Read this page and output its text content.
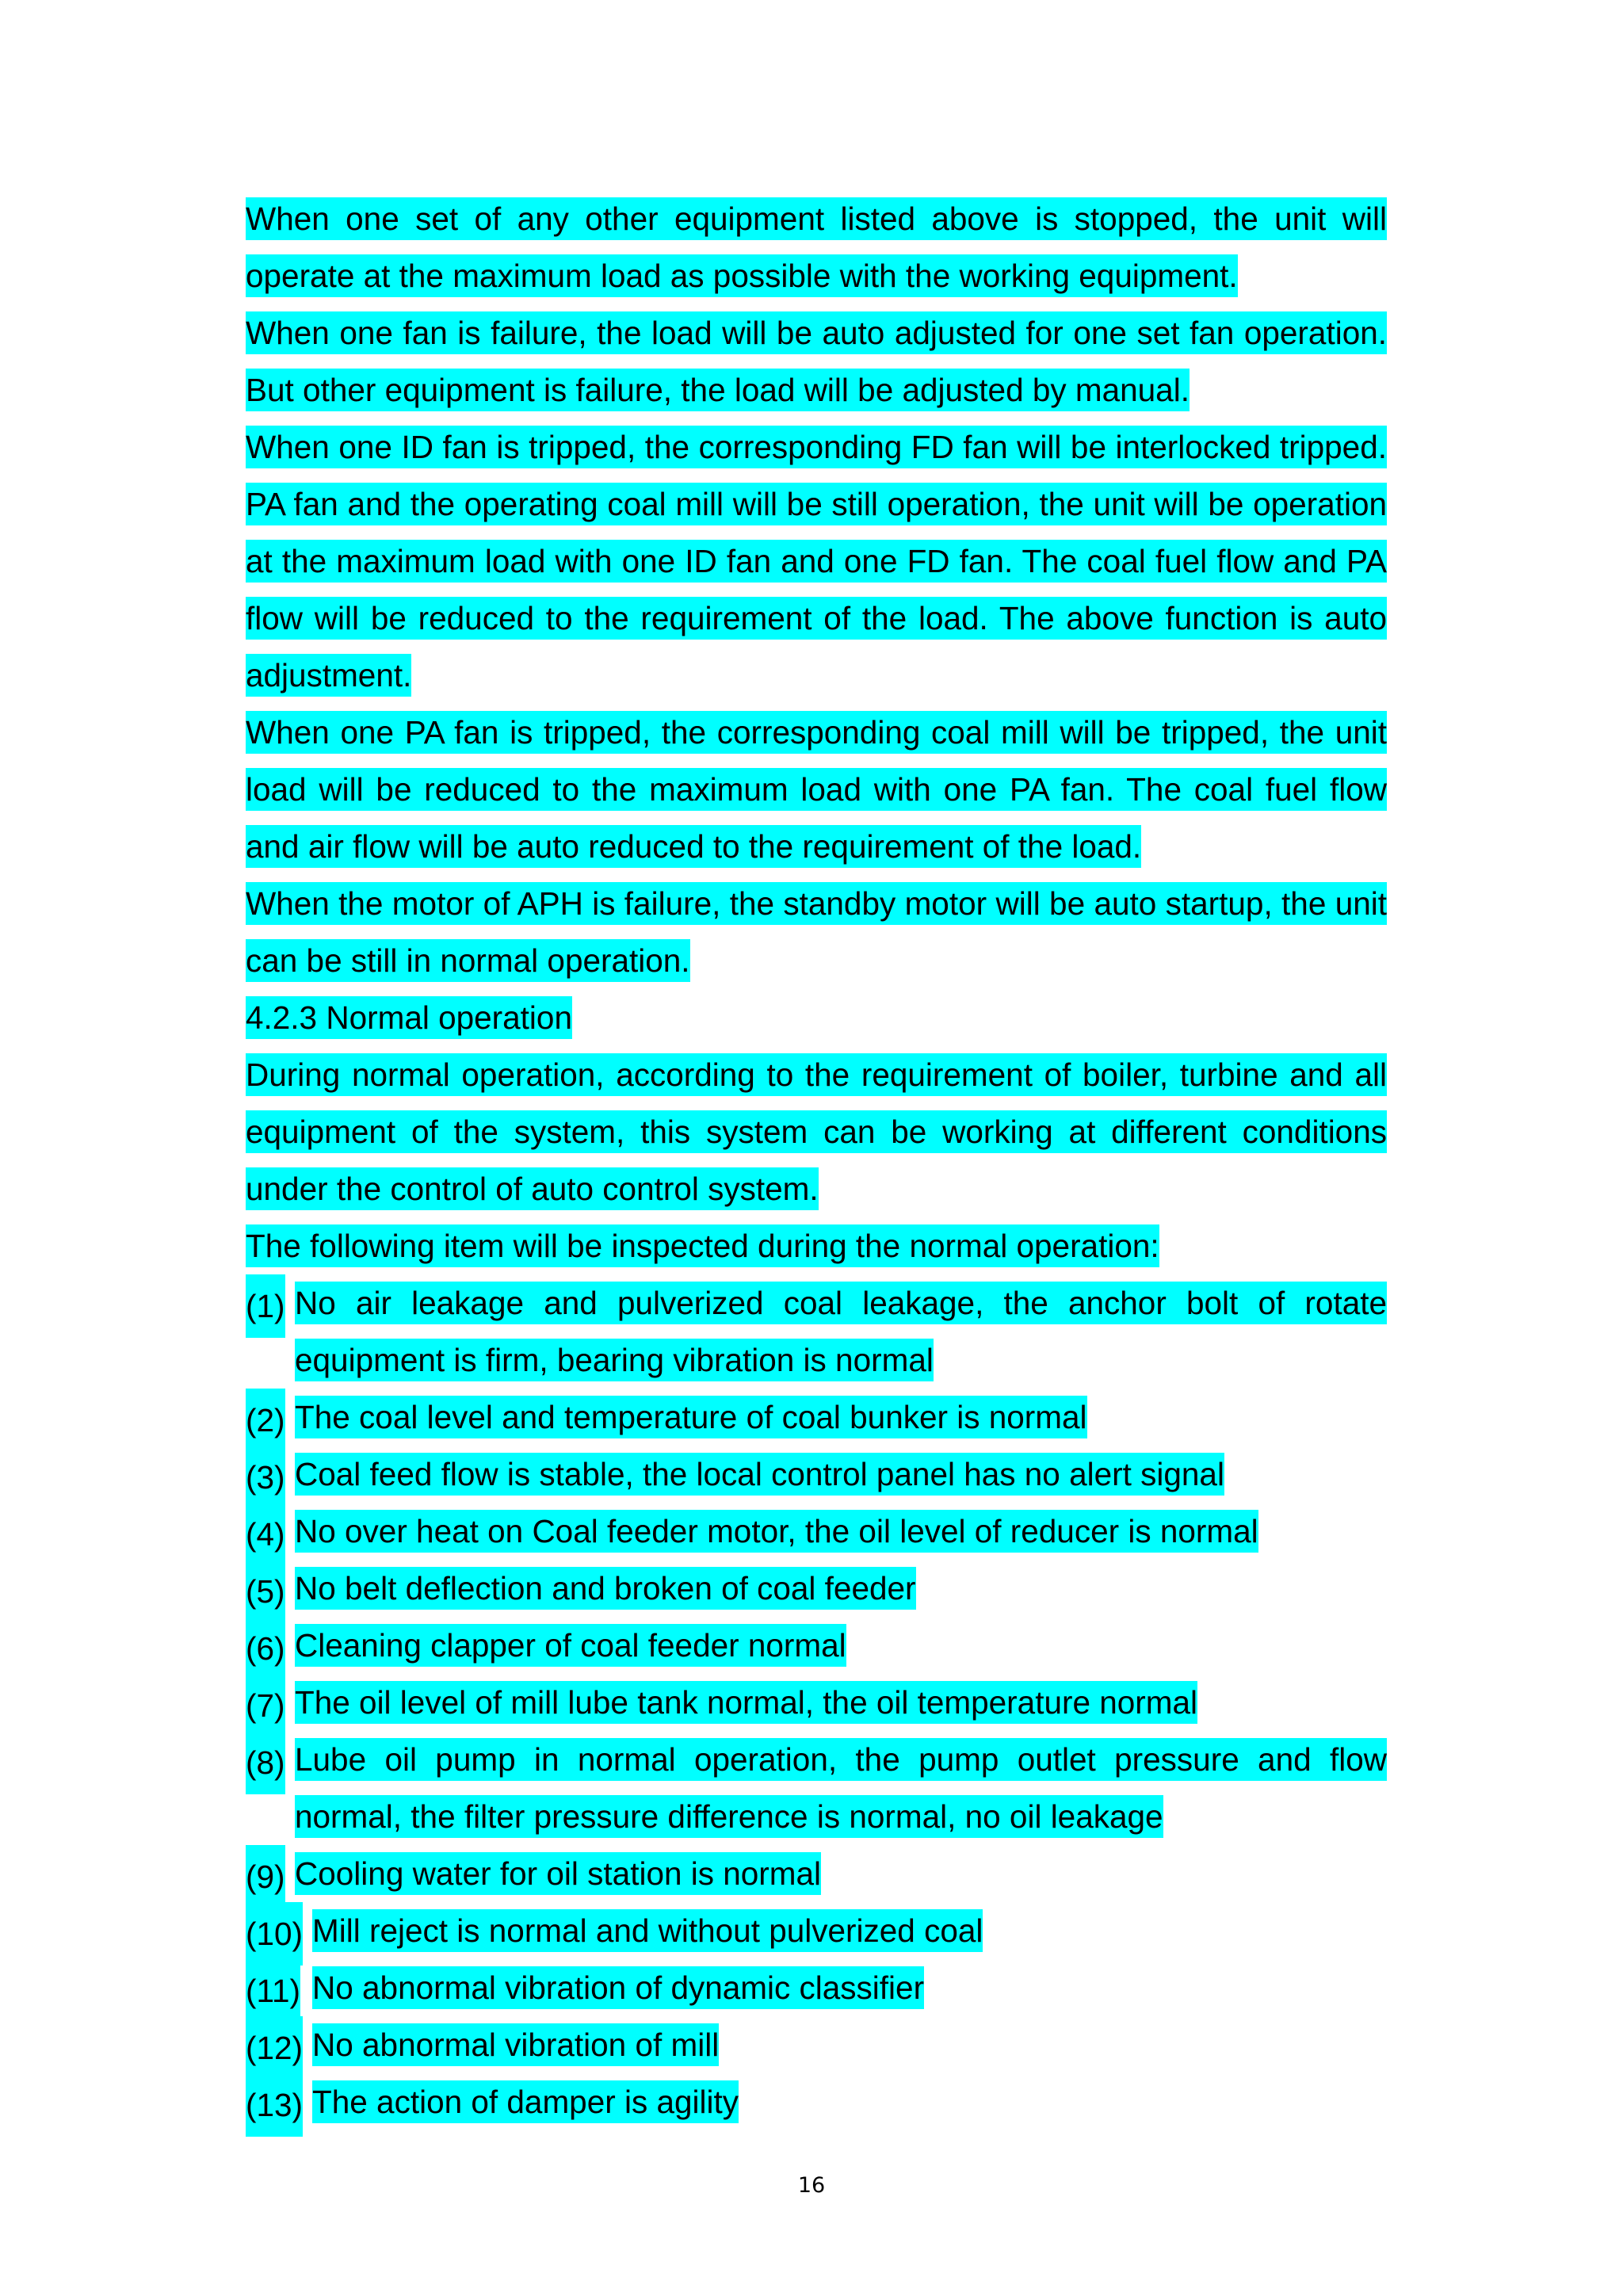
When one set of any other equipment listed above is stopped, the unit will operate at the maximum load as possible with the working equipment.

When one fan is failure, the load will be auto adjusted for one set fan operation. But other equipment is failure, the load will be adjusted by manual.

When one ID fan is tripped, the corresponding FD fan will be interlocked tripped. PA fan and the operating coal mill will be still operation, the unit will be operation at the maximum load with one ID fan and one FD fan. The coal fuel flow and PA flow will be reduced to the requirement of the load. The above function is auto adjustment.

When one PA fan is tripped, the corresponding coal mill will be tripped, the unit load will be reduced to the maximum load with one PA fan. The coal fuel flow and air flow will be auto reduced to the requirement of the load.

When the motor of APH is failure, the standby motor will be auto startup, the unit can be still in normal operation.

4.2.3 Normal operation

During normal operation, according to the requirement of boiler, turbine and all equipment of the system, this system can be working at different conditions under the control of auto control system.

The following item will be inspected during the normal operation:

(1) No air leakage and pulverized coal leakage, the anchor bolt of rotate equipment is firm, bearing vibration is normal
(2) The coal level and temperature of coal bunker is normal
(3) Coal feed flow is stable, the local control panel has no alert signal
(4) No over heat on Coal feeder motor, the oil level of reducer is normal
(5) No belt deflection and broken of coal feeder
(6) Cleaning clapper of coal feeder normal
(7) The oil level of mill lube tank normal, the oil temperature normal
(8) Lube oil pump in normal operation, the pump outlet pressure and flow normal, the filter pressure difference is normal, no oil leakage
(9) Cooling water for oil station is normal
(10) Mill reject is normal and without pulverized coal
(11) No abnormal vibration of dynamic classifier
(12) No abnormal vibration of mill
(13) The action of damper is agility
16
